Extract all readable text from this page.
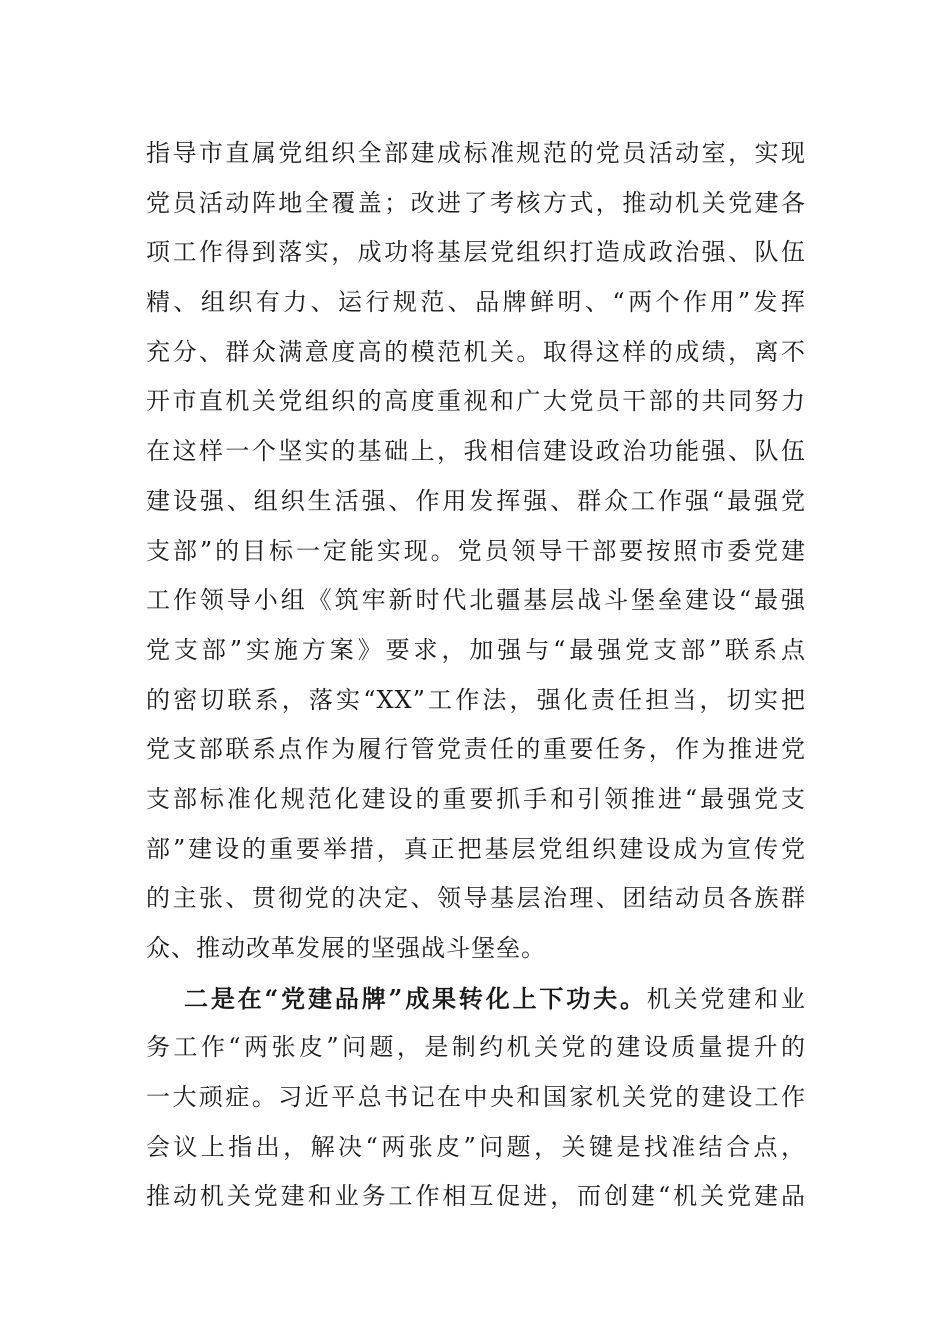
指导市直属党组织全部建成标准规范的党员活动室，实现
党员活动阵地全覆盖；改进了考核方式，推动机关党建各
项工作得到落实，成功将基层党组织打造成政治强、队伍
精、组织有力、运行规范、品牌鲜明、“两个作用”发挥
充分、群众满意度高的模范机关。取得这样的成绩，离不
开市直机关党组织的高度重视和广大党员干部的共同努力
在这样一个坚实的基础上，我相信建设政治功能强、队伍
建设强、组织生活强、作用发挥强、群众工作强“最强党
支部”的目标一定能实现。党员领导干部要按照市委党建
工作领导小组《筑牢新时代北疆基层战斗堡垒建设“最强
党支部”实施方案》要求，加强与“最强党支部”联系点
的密切联系，落实“XX”工作法，强化责任担当，切实把
党支部联系点作为履行管党责任的重要任务，作为推进党
支部标准化规范化建设的重要抓手和引领推进“最强党支
部”建设的重要举措，真正把基层党组织建设成为宣传党
的主张、贯彻党的决定、领导基层治理、团结动员各族群
众、推动改革发展的坚强战斗堡垒。
二是在“党建品牌”成果转化上下功夫。机关党建和业
务工作“两张皮”问题，是制约机关党的建设质量提升的
一大顽症。习近平总书记在中央和国家机关党的建设工作
会议上指出，解决“两张皮”问题，关键是找准结合点，
推动机关党建和业务工作相互促进，而创建“机关党建品
